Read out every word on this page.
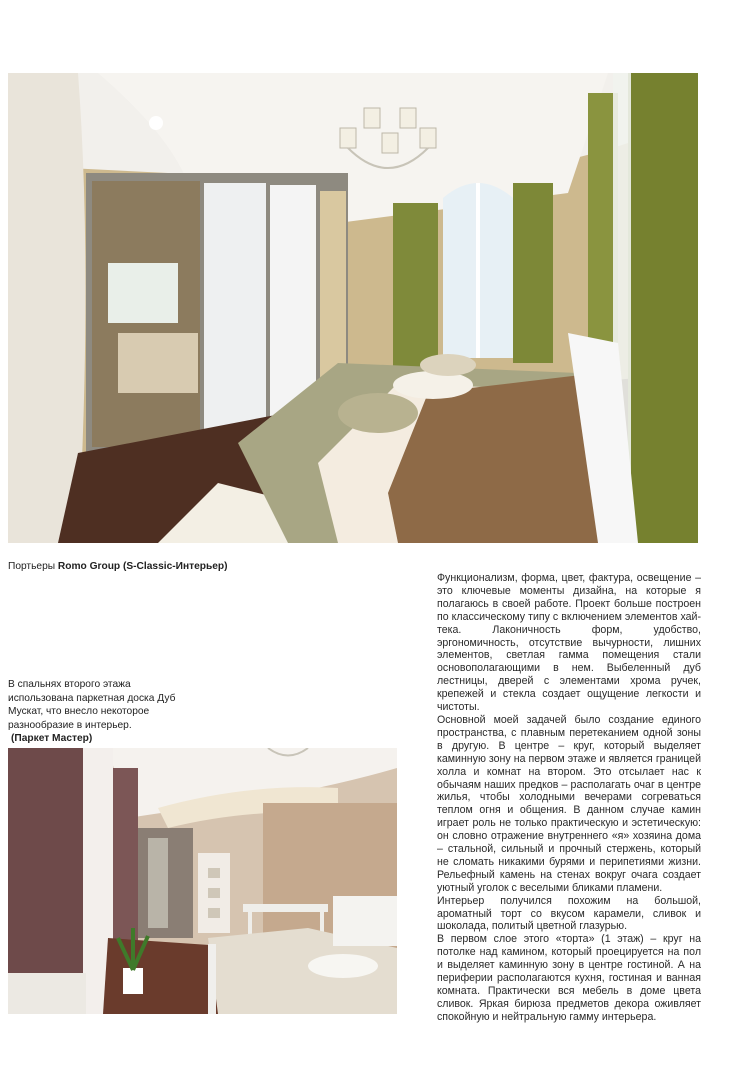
Портьеры Romo Group (S-Classic-Интерьер)
В спальнях второго этажа использована паркетная доска Дуб Мускат, что внесло некоторое разнообразие в интерьер.
(Паркет Мастер)

Функционализм, форма, цвет, фактура, освещение – это ключевые моменты дизайна, на которые я полагаюсь в своей работе. Проект больше построен по классическому типу с включением элементов хай-тека. Лаконичность форм, удобство, эргономичность, отсутствие вычурности, лишних элементов, светлая гамма помещения стали основополагающими в нем. Выбеленный дуб лестницы, дверей с элементами хрома ручек, крепежей и стекла создает ощущение легкости и чистоты.

Основной моей задачей было создание единого пространства, с плавным перетеканием одной зоны в другую. В центре – круг, который выделяет каминную зону на первом этаже и является границей холла и комнат на втором. Это отсылает нас к обычаям наших предков – располагать очаг в центре жилья, чтобы холодными вечерами согреваться теплом огня и общения. В данном случае камин играет роль не только практическую и эстетическую: он словно отражение внутреннего «я» хозяина дома – стальной, сильный и прочный стержень, который не сломать никакими бурями и перипетиями жизни. Рельефный камень на стенах вокруг очага создает уютный уголок с веселыми бликами пламени.

Интерьер получился похожим на большой, ароматный торт со вкусом карамели, сливок и шоколада, политый цветной глазурью.

В первом слое этого «торта» (1 этаж) – круг на потолке над камином, который проецируется на пол и выделяет каминную зону в центре гостиной. А на периферии располагаются кухня, гостиная и ванная комната. Практически вся мебель в доме цвета сливок. Яркая бирюза предметов декора оживляет спокойную и нейтральную гамму интерьера.
